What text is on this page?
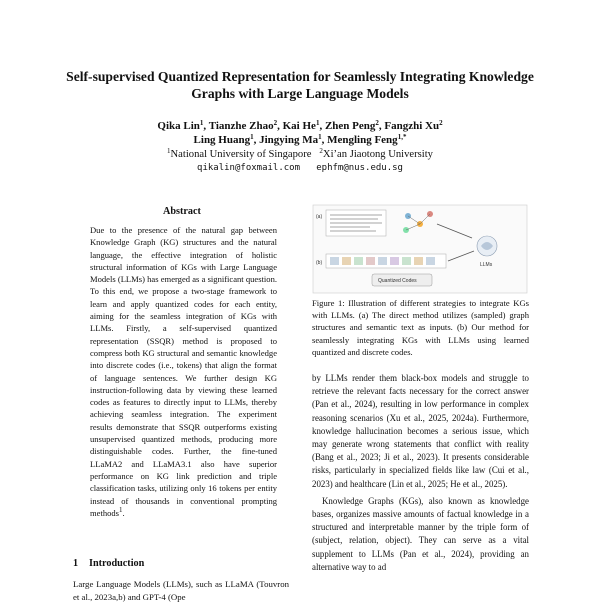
Self-supervised Quantized Representation for Seamlessly Integrating Knowledge Graphs with Large Language Models
Qika Lin$^1$, Tianzhe Zhao$^2$, Kai He$^1$, Zhen Peng$^2$, Fangzhi Xu$^2$
Ling Huang$^1$, Jingying Ma$^1$, Mengling Feng$^{1,*}$
$^1$National University of Singapore $^2$Xi’an Jiaotong University
qikalin@foxmail.com   ephfm@nus.edu.sg
Abstract
Due to the presence of the natural gap between Knowledge Graph (KG) structures and the natural language, the effective integration of holistic structural information of KGs with Large Language Models (LLMs) has emerged as a significant question. To this end, we propose a two-stage framework to learn and apply quantized codes for each entity, aiming for the seamless integration of KGs with LLMs. Firstly, a self-supervised quantized representation (SSQR) method is proposed to compress both KG structural and semantic knowledge into discrete codes (i.e., tokens) that align the format of language sentences. We further design KG instruction-following data by viewing these learned codes as features to directly input to LLMs, thereby achieving seamless integration. The experiment results demonstrate that SSQR outperforms existing unsupervised quantized methods, producing more distinguishable codes. Further, the fine-tuned LLaMA2 and LLaMA3.1 also have superior performance on KG link prediction and triple classification tasks, utilizing only 16 tokens per entity instead of thousands in conventional prompting methods$^1$.
1 Introduction
Large Language Models (LLMs), such as LLaMA (Touvron et al., 2023a,b) and GPT-4 (Ope
(a)
LLMs
(b)
Quantized Codes
Figure 1: Illustration of different strategies to integrate KGs with LLMs. (a) The direct method utilizes (sampled) graph structures and semantic text as inputs. (b) Our method for seamlessly integrating KGs with LLMs using learned quantized and discrete codes.

by LLMs render them black-box models and struggle to retrieve the relevant facts necessary for the correct answer (Pan et al., 2024), resulting in low performance in complex reasoning scenarios (Xu et al., 2025, 2024a). Furthermore, knowledge hallucination becomes a serious issue, which may generate wrong statements that conflict with reality (Bang et al., 2023; Ji et al., 2023). It presents considerable risks, particularly in specialized fields like law (Cui et al., 2023) and healthcare (Lin et al., 2025; He et al., 2025).

Knowledge Graphs (KGs), also known as knowledge bases, organizes massive amounts of factual knowledge in a structured and interpretable manner by the triple form of (subject, relation, object). They can serve as a vital supplement to LLMs (Pan et al., 2024), providing an alternative way to ad
